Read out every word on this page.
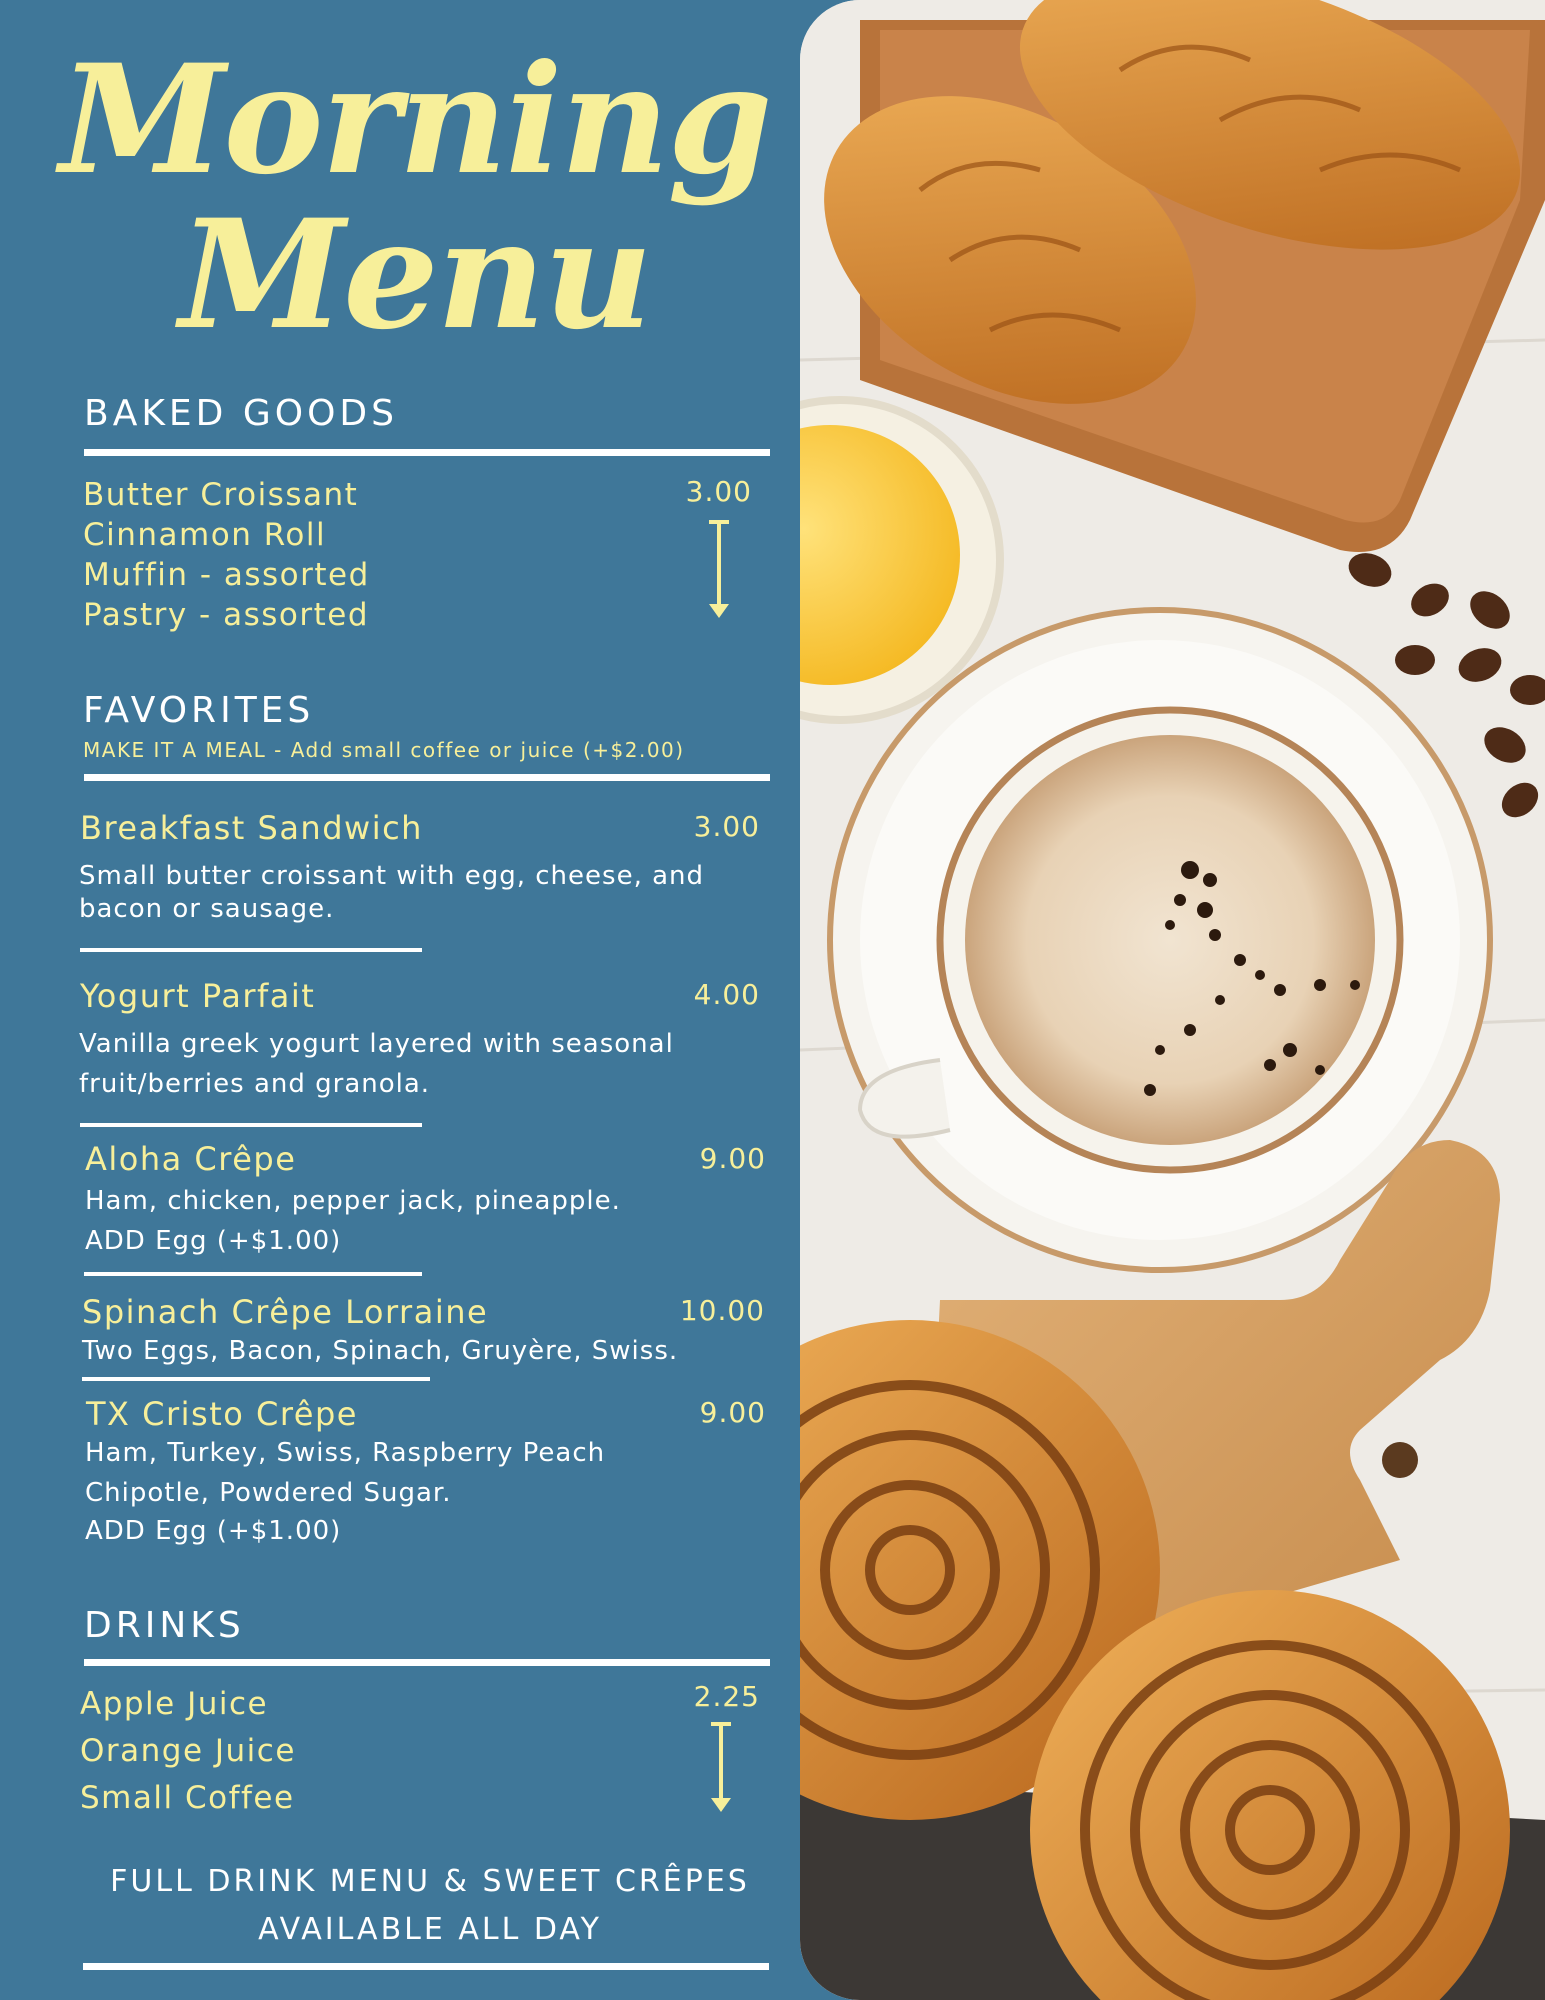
Morning
Menu
BAKED GOODS
Butter Croissant
Cinnamon Roll
Muffin - assorted
Pastry - assorted
3.00
FAVORITES
MAKE IT A MEAL - Add small coffee or juice (+$2.00)
Breakfast Sandwich	3.00
Small butter croissant with egg, cheese, and bacon or sausage.
Yogurt Parfait	4.00
Vanilla greek yogurt layered with seasonal fruit/berries and granola.
Aloha Crêpe	9.00
Ham, chicken, pepper jack, pineapple.
ADD Egg (+$1.00)
Spinach Crêpe Lorraine	10.00
Two Eggs, Bacon, Spinach, Gruyère, Swiss.
TX Cristo Crêpe	9.00
Ham, Turkey, Swiss, Raspberry Peach Chipotle, Powdered Sugar.
ADD Egg (+$1.00)
DRINKS
Apple Juice
Orange Juice
Small Coffee
2.25
FULL DRINK MENU & SWEET CRÊPES
AVAILABLE ALL DAY
